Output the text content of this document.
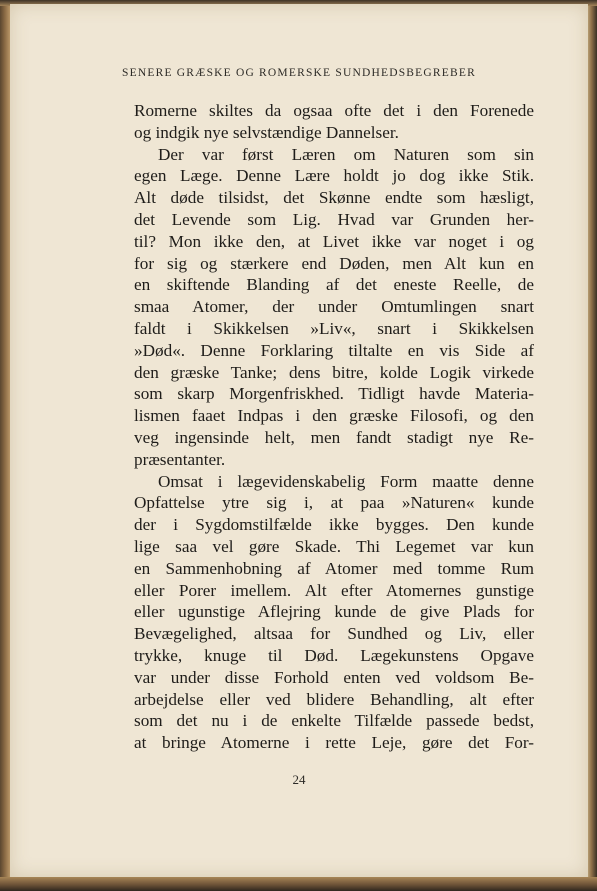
SENERE GRÆSKE OG ROMERSKE SUNDHEDSBEGREBER
Romerne skiltes da ogsaa ofte det i den Forenede
og indgik nye selvstændige Dannelser.
Der var først Læren om Naturen som sin
egen Læge. Denne Lære holdt jo dog ikke Stik.
Alt døde tilsidst, det Skønne endte som hæsligt,
det Levende som Lig. Hvad var Grunden her-
til? Mon ikke den, at Livet ikke var noget i og
for sig og stærkere end Døden, men Alt kun en
en skiftende Blanding af det eneste Reelle, de
smaa Atomer, der under Omtumlingen snart
faldt i Skikkelsen »Liv«, snart i Skikkelsen
»Død«. Denne Forklaring tiltalte en vis Side af
den græske Tanke; dens bitre, kolde Logik virkede
som skarp Morgenfriskhed. Tidligt havde Materia-
lismen faaet Indpas i den græske Filosofi, og den
veg ingensinde helt, men fandt stadigt nye Re-
præsentanter.
Omsat i lægevidenskabelig Form maatte denne
Opfattelse ytre sig i, at paa »Naturen« kunde
der i Sygdomstilfælde ikke bygges. Den kunde
lige saa vel gøre Skade. Thi Legemet var kun
en Sammenhobning af Atomer med tomme Rum
eller Porer imellem. Alt efter Atomernes gunstige
eller ugunstige Aflejring kunde de give Plads for
Bevægelighed, altsaa for Sundhed og Liv, eller
trykke, knuge til Død. Lægekunstens Opgave
var under disse Forhold enten ved voldsom Be-
arbejdelse eller ved blidere Behandling, alt efter
som det nu i de enkelte Tilfælde passede bedst,
at bringe Atomerne i rette Leje, gøre det For-
24
